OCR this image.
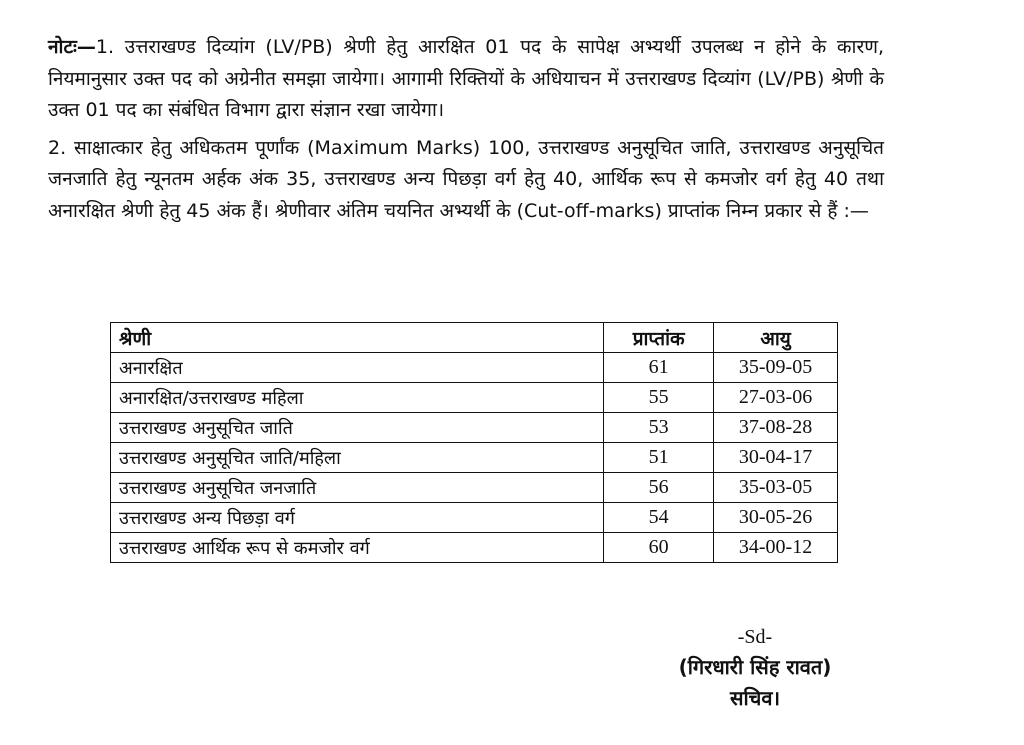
नोटः—1. उत्तराखण्ड दिव्यांग (LV/PB) श्रेणी हेतु आरक्षित 01 पद के सापेक्ष अभ्यर्थी उपलब्ध न होने के कारण, नियमानुसार उक्त पद को अग्रेनीत समझा जायेगा। आगामी रिक्तियों के अधियाचन में उत्तराखण्ड दिव्यांग (LV/PB) श्रेणी के उक्त 01 पद का संबंधित विभाग द्वारा संज्ञान रखा जायेगा।

2. साक्षात्कार हेतु अधिकतम पूर्णांक (Maximum Marks) 100, उत्तराखण्ड अनुसूचित जाति, उत्तराखण्ड अनुसूचित जनजाति हेतु न्यूनतम अर्हक अंक 35, उत्तराखण्ड अन्य पिछड़ा वर्ग हेतु 40, आर्थिक रूप से कमजोर वर्ग हेतु 40 तथा अनारक्षित श्रेणी हेतु 45 अंक हैं। श्रेणीवार अंतिम चयनित अभ्यर्थी के (Cut-off-marks) प्राप्तांक निम्न प्रकार से हैं :—

श्रेणी	प्राप्तांक	आयु
अनारक्षित	61	35-09-05
अनारक्षित/उत्तराखण्ड महिला	55	27-03-06
उत्तराखण्ड अनुसूचित जाति	53	37-08-28
उत्तराखण्ड अनुसूचित जाति/महिला	51	30-04-17
उत्तराखण्ड अनुसूचित जनजाति	56	35-03-05
उत्तराखण्ड अन्य पिछड़ा वर्ग	54	30-05-26
उत्तराखण्ड आर्थिक रूप से कमजोर वर्ग	60	34-00-12
-Sd-
(गिरधारी सिंह रावत)
सचिव।
